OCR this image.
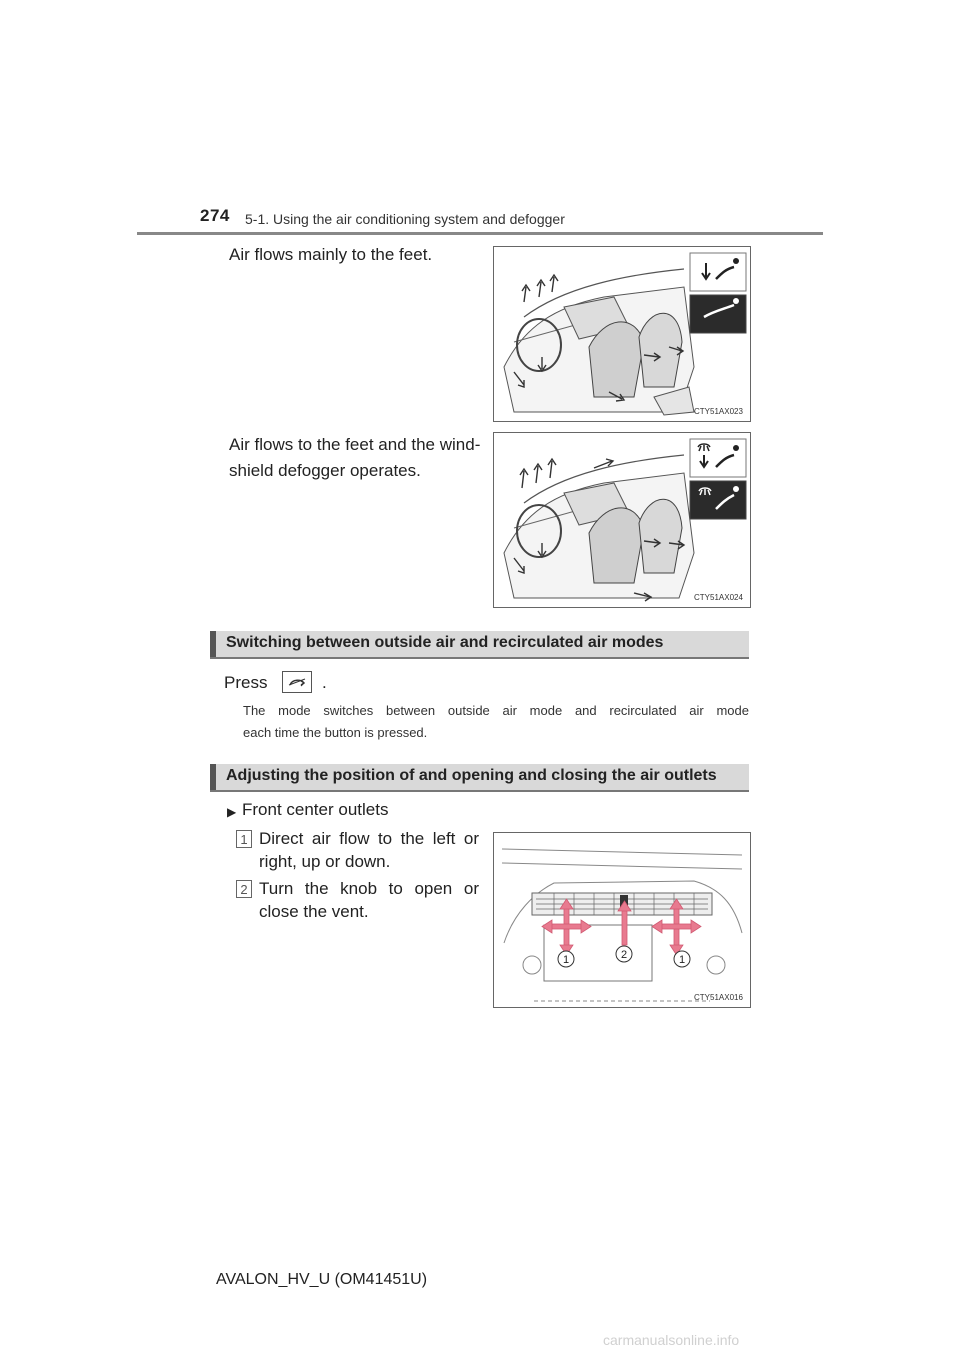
274 5-1. Using the air conditioning system and defogger
Air flows mainly to the feet.
CTY51AX023
Air flows to the feet and the wind-
shield defogger operates.
CTY51AX024
Switching between outside air and recirculated air modes
Press	.
The mode switches between outside air mode and recirculated air mode
each time the button is pressed.
Adjusting the position of and opening and closing the air outlets
▶ Front center outlets
1 Direct air flow to the left or
right, up or down.
2 Turn the knob to open or
close the vent.
1	2	1
CTY51AX016
AVALON_HV_U (OM41451U)
carmanualsonline.info
